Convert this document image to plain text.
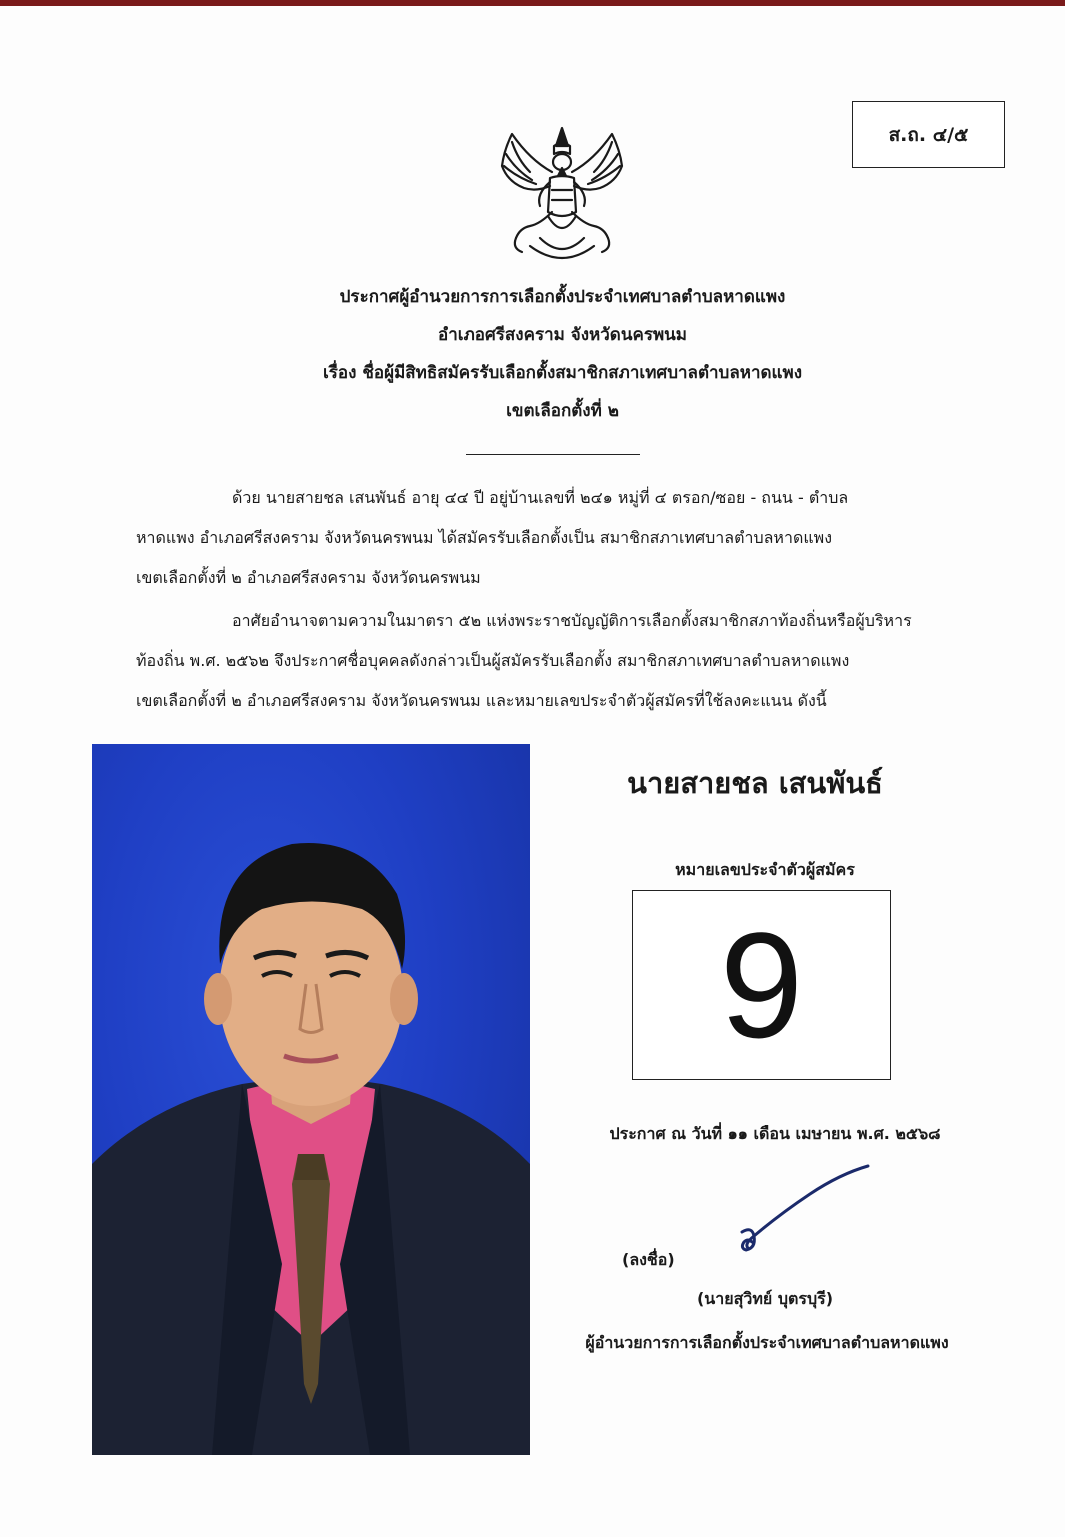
ส.ถ. ๔/๕
ประกาศผู้อำนวยการการเลือกตั้งประจำเทศบาลตำบลหาดแพง
อำเภอศรีสงคราม จังหวัดนครพนม
เรื่อง ชื่อผู้มีสิทธิสมัครรับเลือกตั้งสมาชิกสภาเทศบาลตำบลหาดแพง
เขตเลือกตั้งที่ ๒
ด้วย นายสายชล เสนพันธ์ อายุ ๔๔ ปี อยู่บ้านเลขที่ ๒๔๑ หมู่ที่ ๔ ตรอก/ซอย - ถนน - ตำบล
หาดแพง อำเภอศรีสงคราม จังหวัดนครพนม ได้สมัครรับเลือกตั้งเป็น สมาชิกสภาเทศบาลตำบลหาดแพง
เขตเลือกตั้งที่ ๒ อำเภอศรีสงคราม จังหวัดนครพนม
อาศัยอำนาจตามความในมาตรา ๕๒ แห่งพระราชบัญญัติการเลือกตั้งสมาชิกสภาท้องถิ่นหรือผู้บริหาร
ท้องถิ่น พ.ศ. ๒๕๖๒ จึงประกาศชื่อบุคคลดังกล่าวเป็นผู้สมัครรับเลือกตั้ง สมาชิกสภาเทศบาลตำบลหาดแพง
เขตเลือกตั้งที่ ๒ อำเภอศรีสงคราม จังหวัดนครพนม และหมายเลขประจำตัวผู้สมัครที่ใช้ลงคะแนน ดังนี้
นายสายชล เสนพันธ์
หมายเลขประจำตัวผู้สมัคร
9
ประกาศ ณ วันที่ ๑๑ เดือน เมษายน พ.ศ. ๒๕๖๘
(ลงชื่อ)
(นายสุวิทย์ บุตรบุรี)
ผู้อำนวยการการเลือกตั้งประจำเทศบาลตำบลหาดแพง
